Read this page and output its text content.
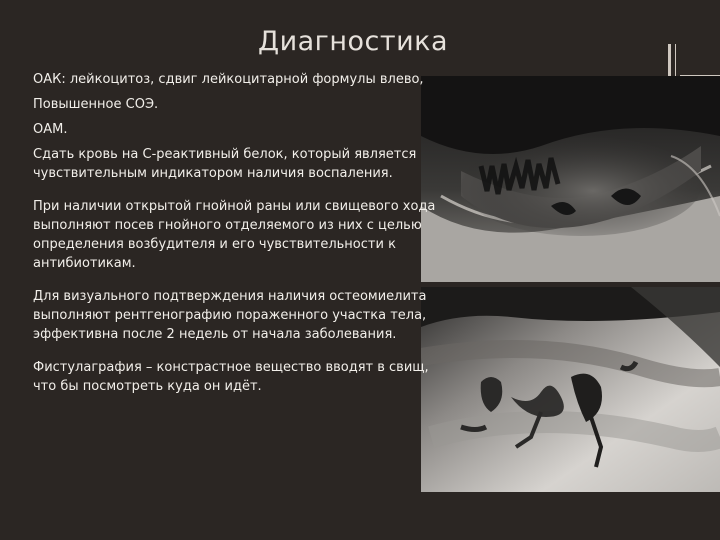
Диагностика

ОАК: лейкоцитоз, сдвиг лейкоцитарной формулы влево,

Повышенное СОЭ.

ОАМ.

Сдать кровь на С-реактивный белок, который является чувствительным индикатором наличия воспаления.

При наличии открытой гнойной раны или свищевого хода выполняют посев гнойного отделяемого из них с целью определения возбудителя и его чувствительности к антибиотикам.

Для визуального подтверждения наличия остеомиелита выполняют рентгенографию пораженного участка тела, эффективна после 2 недель от начала заболевания.

Фистулаграфия – констрастное вещество вводят в свищ, что бы посмотреть куда он идёт.
